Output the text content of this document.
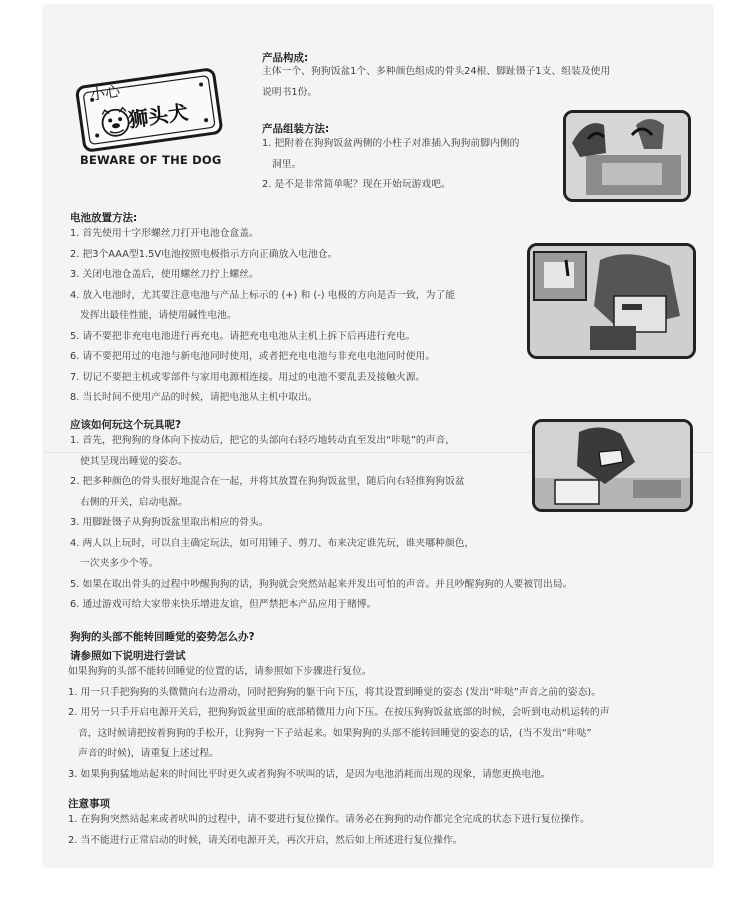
小心
狮头犬
BEWARE OF THE DOG
产品构成:
主体一个、狗狗饭盆1个、多种颜色组成的骨头24根、脚趾镊子1支、组装及使用
说明书1份。
产品组装方法:
1. 把附着在狗狗饭盆两侧的小柱子对准插入狗狗前脚内侧的
洞里。
2. 是不是非常简单呢？现在开始玩游戏吧。
电池放置方法:
1. 首先使用十字形螺丝刀打开电池仓盒盖。
2. 把3个AAA型1.5V电池按照电极指示方向正确放入电池仓。
3. 关闭电池仓盖后，使用螺丝刀拧上螺丝。
4. 放入电池时，尤其要注意电池与产品上标示的 (+) 和 (-) 电极的方向是否一致，为了能
发挥出最佳性能，请使用碱性电池。
5. 请不要把非充电电池进行再充电。请把充电电池从主机上拆下后再进行充电。
6. 请不要把用过的电池与新电池同时使用，或者把充电电池与非充电电池同时使用。
7. 切记不要把主机或零部件与家用电源相连接。用过的电池不要乱丢及接触火源。
8. 当长时间不使用产品的时候，请把电池从主机中取出。
应该如何玩这个玩具呢?
1. 首先，把狗狗的身体向下按动后，把它的头部向右轻巧地转动直至发出“咔哒”的声音，
使其呈现出睡觉的姿态。
2. 把多种颜色的骨头很好地混合在一起，并将其放置在狗狗饭盆里，随后向右轻推狗狗饭盆
右侧的开关，启动电源。
3. 用脚趾镊子从狗狗饭盆里取出相应的骨头。
4. 两人以上玩时，可以自主确定玩法，如可用锤子、剪刀、布来决定谁先玩，谁夹哪种颜色，
一次夹多少个等。
5. 如果在取出骨头的过程中吵醒狗狗的话，狗狗就会突然站起来并发出可怕的声音。并且吵醒狗狗的人要被罚出局。
6. 通过游戏可给大家带来快乐增进友谊，但严禁把本产品应用于赌博。
狗狗的头部不能转回睡觉的姿势怎么办?
请参照如下说明进行尝试
如果狗狗的头部不能转回睡觉的位置的话，请参照如下步骤进行复位。
1. 用一只手把狗狗的头微微向右边滑动，同时把狗狗的躯干向下压，将其设置到睡觉的姿态 (发出“咔哒”声音之前的姿态)。
2. 用另一只手开启电源开关后，把狗狗饭盆里面的底部稍微用力向下压。在按压狗狗饭盆底部的时候，会听到电动机运转的声
音，这时候请把按着狗狗的手松开，让狗狗一下子站起来。如果狗狗的头部不能转回睡觉的姿态的话，(当不发出“咔哒”
声音的时候)，请重复上述过程。
3. 如果狗狗猛地站起来的时间比平时更久或者狗狗不吠叫的话，是因为电池消耗而出现的现象，请您更换电池。
注意事项
1. 在狗狗突然站起来或者吠叫的过程中，请不要进行复位操作。请务必在狗狗的动作都完全完成的状态下进行复位操作。
2. 当不能进行正常启动的时候，请关闭电源开关，再次开启，然后如上所述进行复位操作。
